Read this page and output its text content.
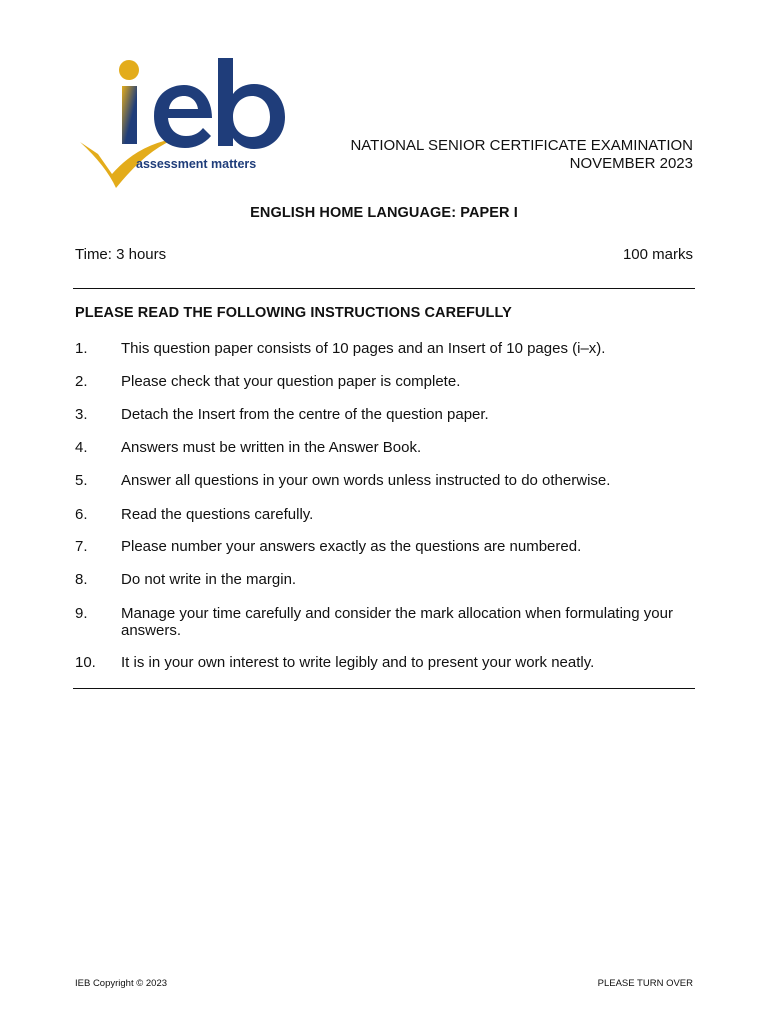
assessment matters
NATIONAL SENIOR CERTIFICATE EXAMINATION
NOVEMBER 2023
ENGLISH HOME LANGUAGE: PAPER I
Time: 3 hours	100 marks
PLEASE READ THE FOLLOWING INSTRUCTIONS CAREFULLY
1.	This question paper consists of 10 pages and an Insert of 10 pages (i–x).
2.	Please check that your question paper is complete.
3.	Detach the Insert from the centre of the question paper.
4.	Answers must be written in the Answer Book.
5.	Answer all questions in your own words unless instructed to do otherwise.
6.	Read the questions carefully.
7.	Please number your answers exactly as the questions are numbered.
8.	Do not write in the margin.
9.	Manage your time carefully and consider the mark allocation when formulating your answers.
10.	It is in your own interest to write legibly and to present your work neatly.
IEB Copyright © 2023	PLEASE TURN OVER
